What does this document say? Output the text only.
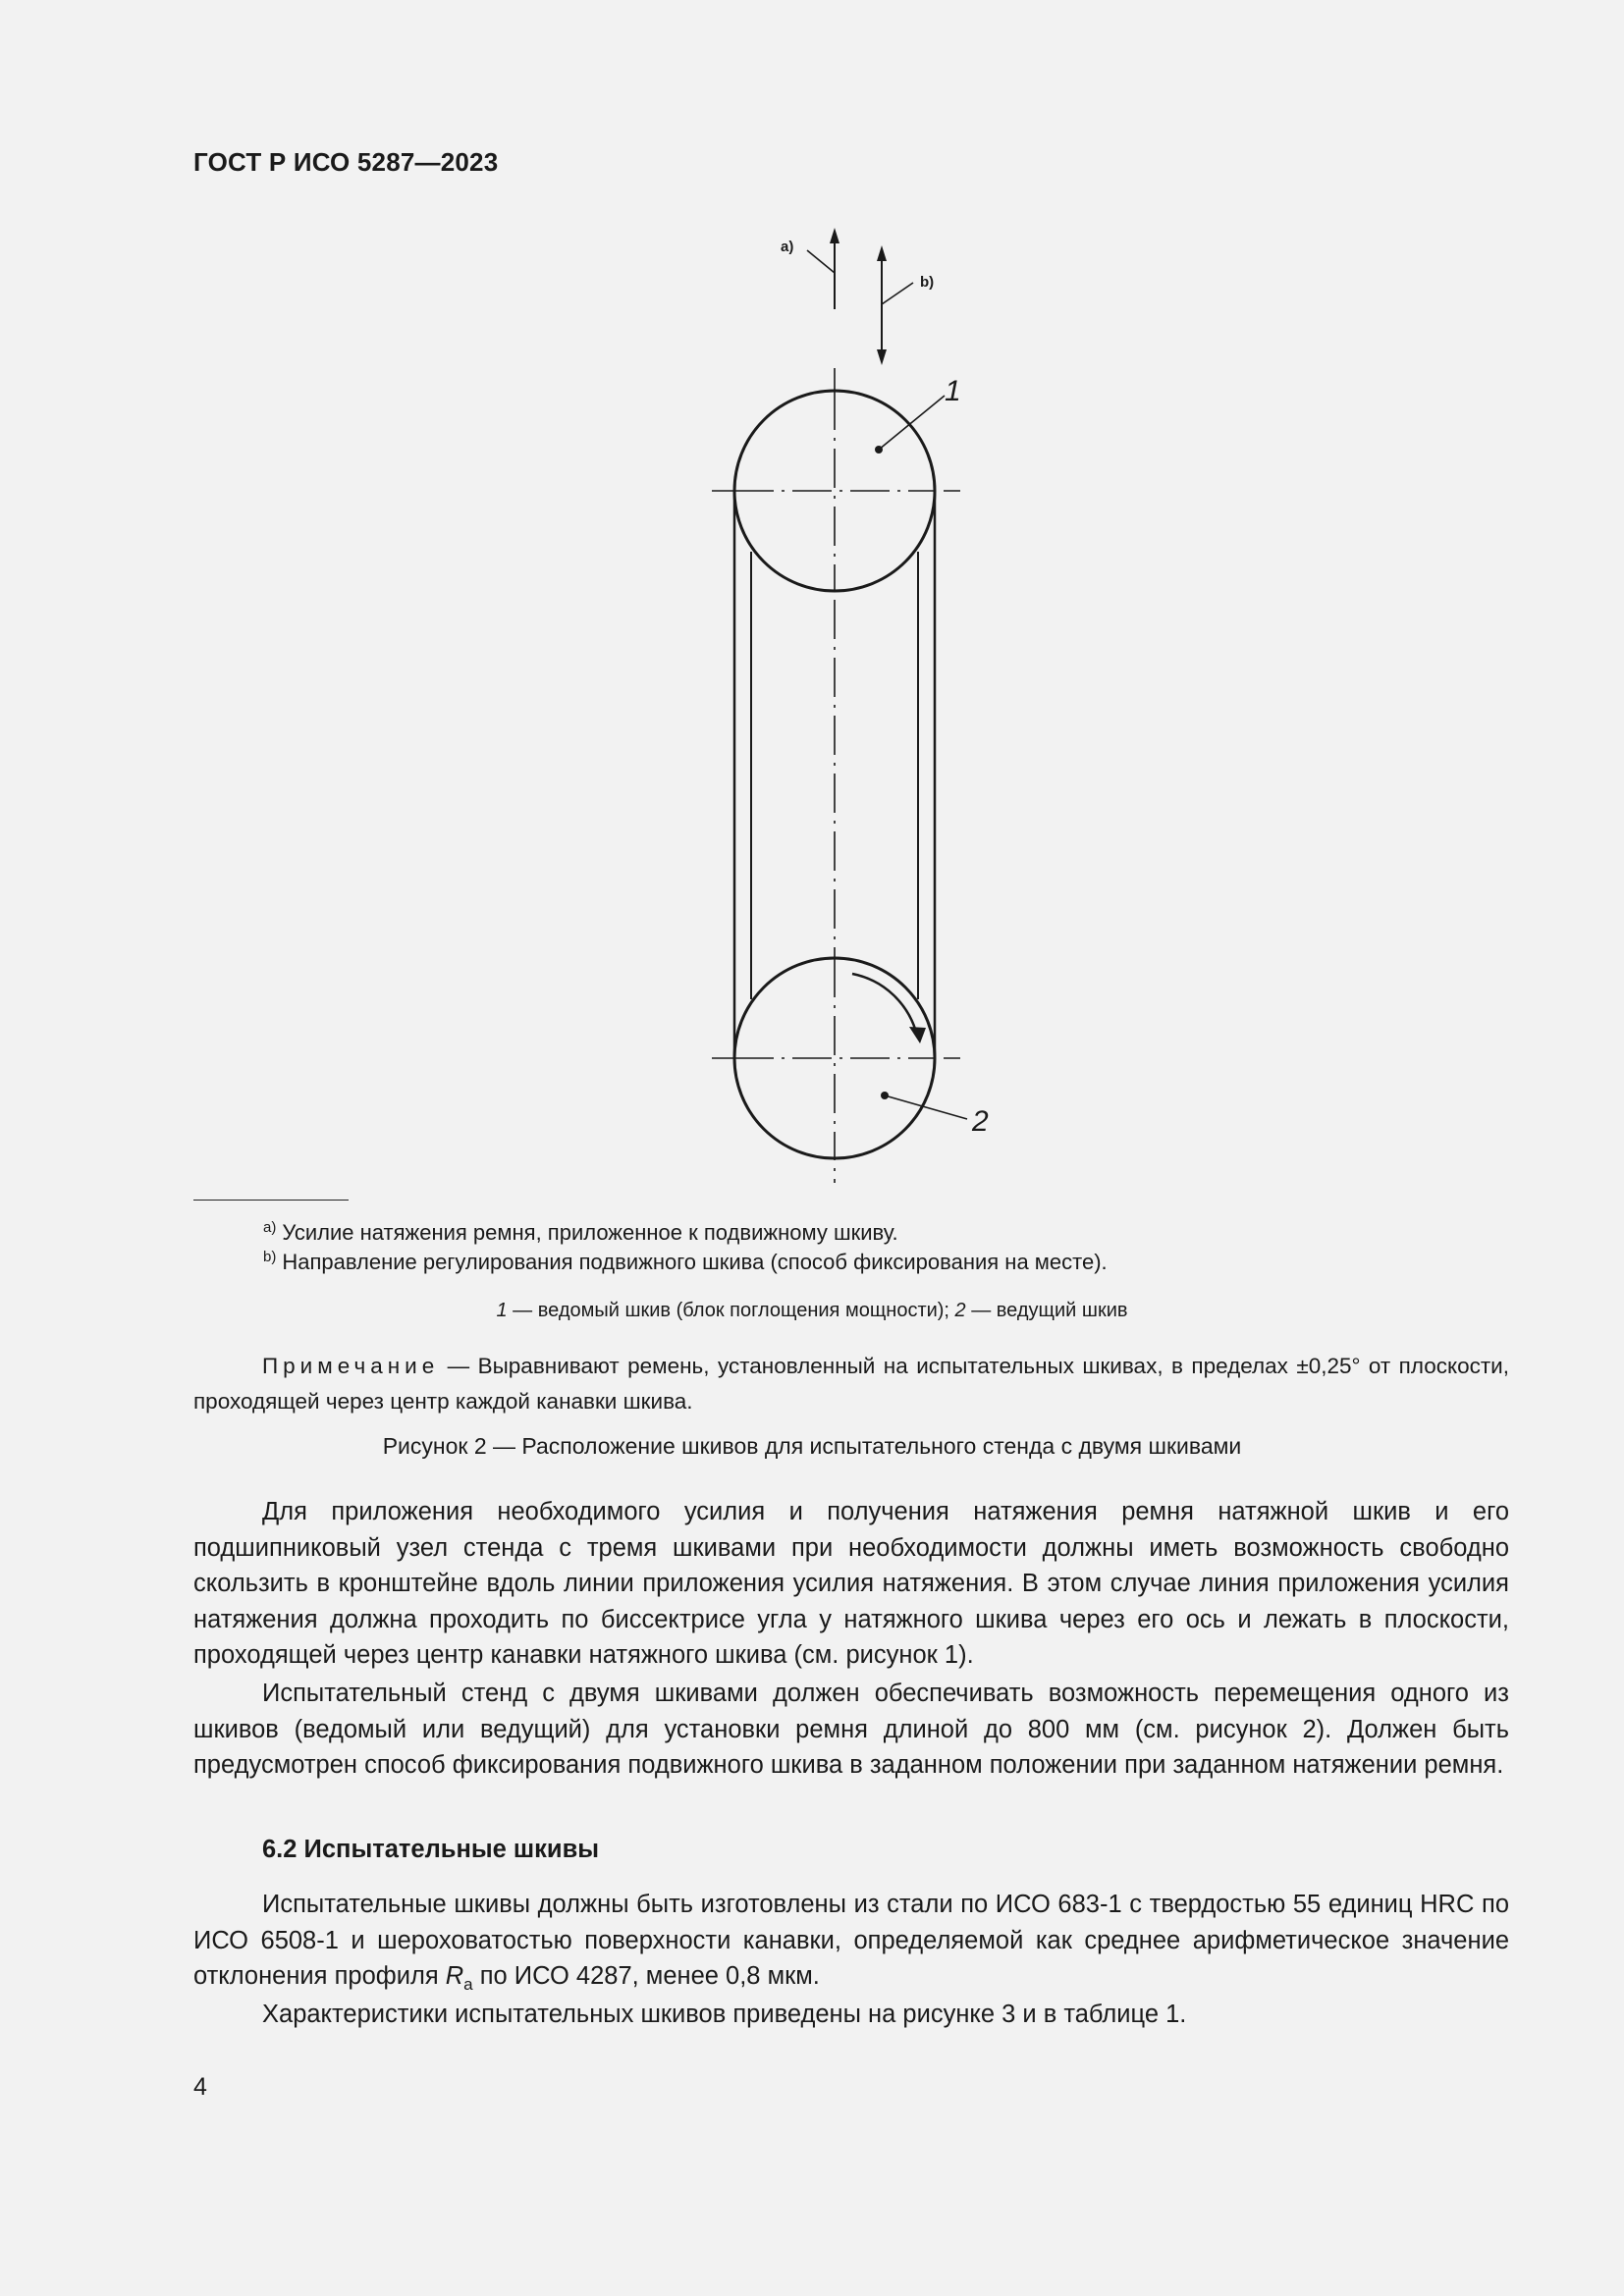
ГОСТ Р ИСО 5287—2023
a)
b)
1
2
$^{a)}$ Усилие натяжения ремня, приложенное к подвижному шкиву.
$^{b)}$ Направление регулирования подвижного шкива (способ фиксирования на месте).
1 — ведомый шкив (блок поглощения мощности); 2 — ведущий шкив
Примечание — Выравнивают ремень, установленный на испытательных шкивах, в пределах ±0,25° от плоскости, проходящей через центр каждой канавки шкива.
Рисунок 2 — Расположение шкивов для испытательного стенда с двумя шкивами

Для приложения необходимого усилия и получения натяжения ремня натяжной шкив и его подшипниковый узел стенда с тремя шкивами при необходимости должны иметь возможность свободно скользить в кронштейне вдоль линии приложения усилия натяжения. В этом случае линия приложения усилия натяжения должна проходить по биссектрисе угла у натяжного шкива через его ось и лежать в плоскости, проходящей через центр канавки натяжного шкива (см. рисунок 1).

Испытательный стенд с двумя шкивами должен обеспечивать возможность перемещения одного из шкивов (ведомый или ведущий) для установки ремня длиной до 800 мм (см. рисунок 2). Должен быть предусмотрен способ фиксирования подвижного шкива в заданном положении при заданном натяжении ремня.

6.2 Испытательные шкивы

Испытательные шкивы должны быть изготовлены из стали по ИСО 683-1 с твердостью 55 единиц HRC по ИСО 6508-1 и шероховатостью поверхности канавки, определяемой как среднее арифметическое значение отклонения профиля $R_a$ по ИСО 4287, менее 0,8 мкм.

Характеристики испытательных шкивов приведены на рисунке 3 и в таблице 1.

4
